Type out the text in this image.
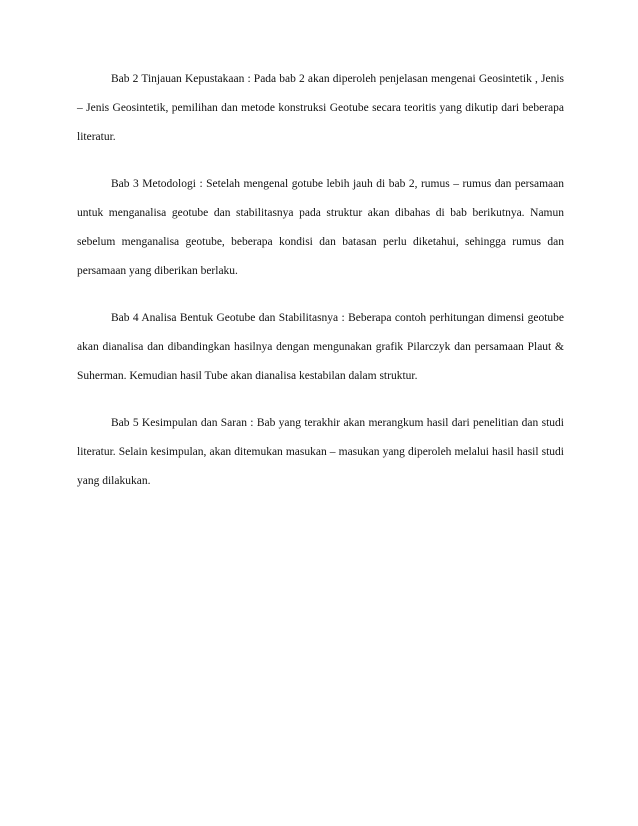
Bab 2 Tinjauan Kepustakaan : Pada bab 2 akan diperoleh penjelasan mengenai Geosintetik , Jenis – Jenis Geosintetik, pemilihan dan metode konstruksi Geotube secara teoritis yang dikutip dari beberapa literatur.

Bab 3 Metodologi : Setelah mengenal gotube lebih jauh di bab 2, rumus – rumus dan persamaan untuk menganalisa geotube dan stabilitasnya pada struktur akan dibahas di bab berikutnya. Namun sebelum menganalisa geotube, beberapa kondisi dan batasan perlu diketahui, sehingga rumus dan persamaan yang diberikan berlaku.

Bab 4 Analisa Bentuk Geotube dan Stabilitasnya : Beberapa contoh perhitungan dimensi geotube akan dianalisa dan dibandingkan hasilnya dengan mengunakan grafik Pilarczyk dan persamaan Plaut & Suherman. Kemudian hasil Tube akan dianalisa kestabilan dalam struktur.

Bab 5 Kesimpulan dan Saran : Bab yang terakhir akan merangkum hasil dari penelitian dan studi literatur. Selain kesimpulan, akan ditemukan masukan – masukan yang diperoleh melalui hasil hasil studi yang dilakukan.
